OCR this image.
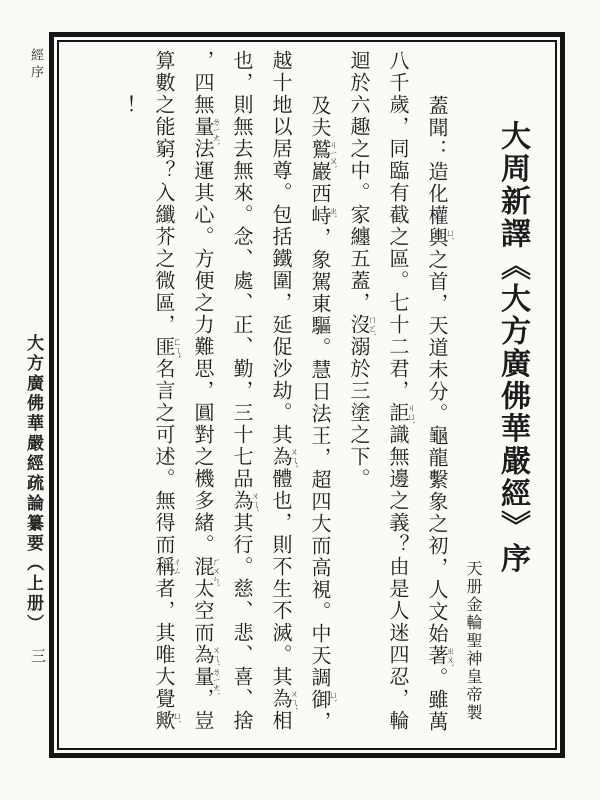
經序
大方廣佛華嚴經疏論纂要（上册）
三
大周新譯《大方廣佛華嚴經》序
天册金輪聖神皇帝製
蓋聞：造化權輿
ㄩˊ
之首，天道未分。龜龍繫象之初，人文始著
ㄓㄨˋ
。雖萬
八千歲，同臨有截之區。七十二君，詎
ㄐㄩˋ
識無邊之義？由是人迷四忍，輪
迴於六趣之中。家纏五蓋，沒
ㄇㄛˋ
溺於三塗之下。
及夫鷲
ㄐㄧㄡˋ
巖西峙
ㄓˋ
，象駕東驅。慧日法王，超四大而高視。中天調御
ㄩˋ
，
越十地以居尊。包括鐵圍，延促沙劫。其為
ㄨㄟˊ
體也，則不生不滅。其為
ㄨㄟˊ
相
也，則無去無來。念、處、正、勤，三十七品為
ㄨㄟˊ
其行。慈、悲、喜、捨
，四無量
ㄌㄧㄤˋ
法運其心。方便之力難思，圓對之機多緒。混
ㄏㄨㄣˋ
太空而為
ㄨㄟˊ
量
ㄌㄧㄤˋ
，豈
算數之能窮？入纖芥之微區，匪
ㄈㄟˇ
名言之可述。無得而稱
ㄔㄥ
者，其唯大覺歟
ㄩˊ
！
